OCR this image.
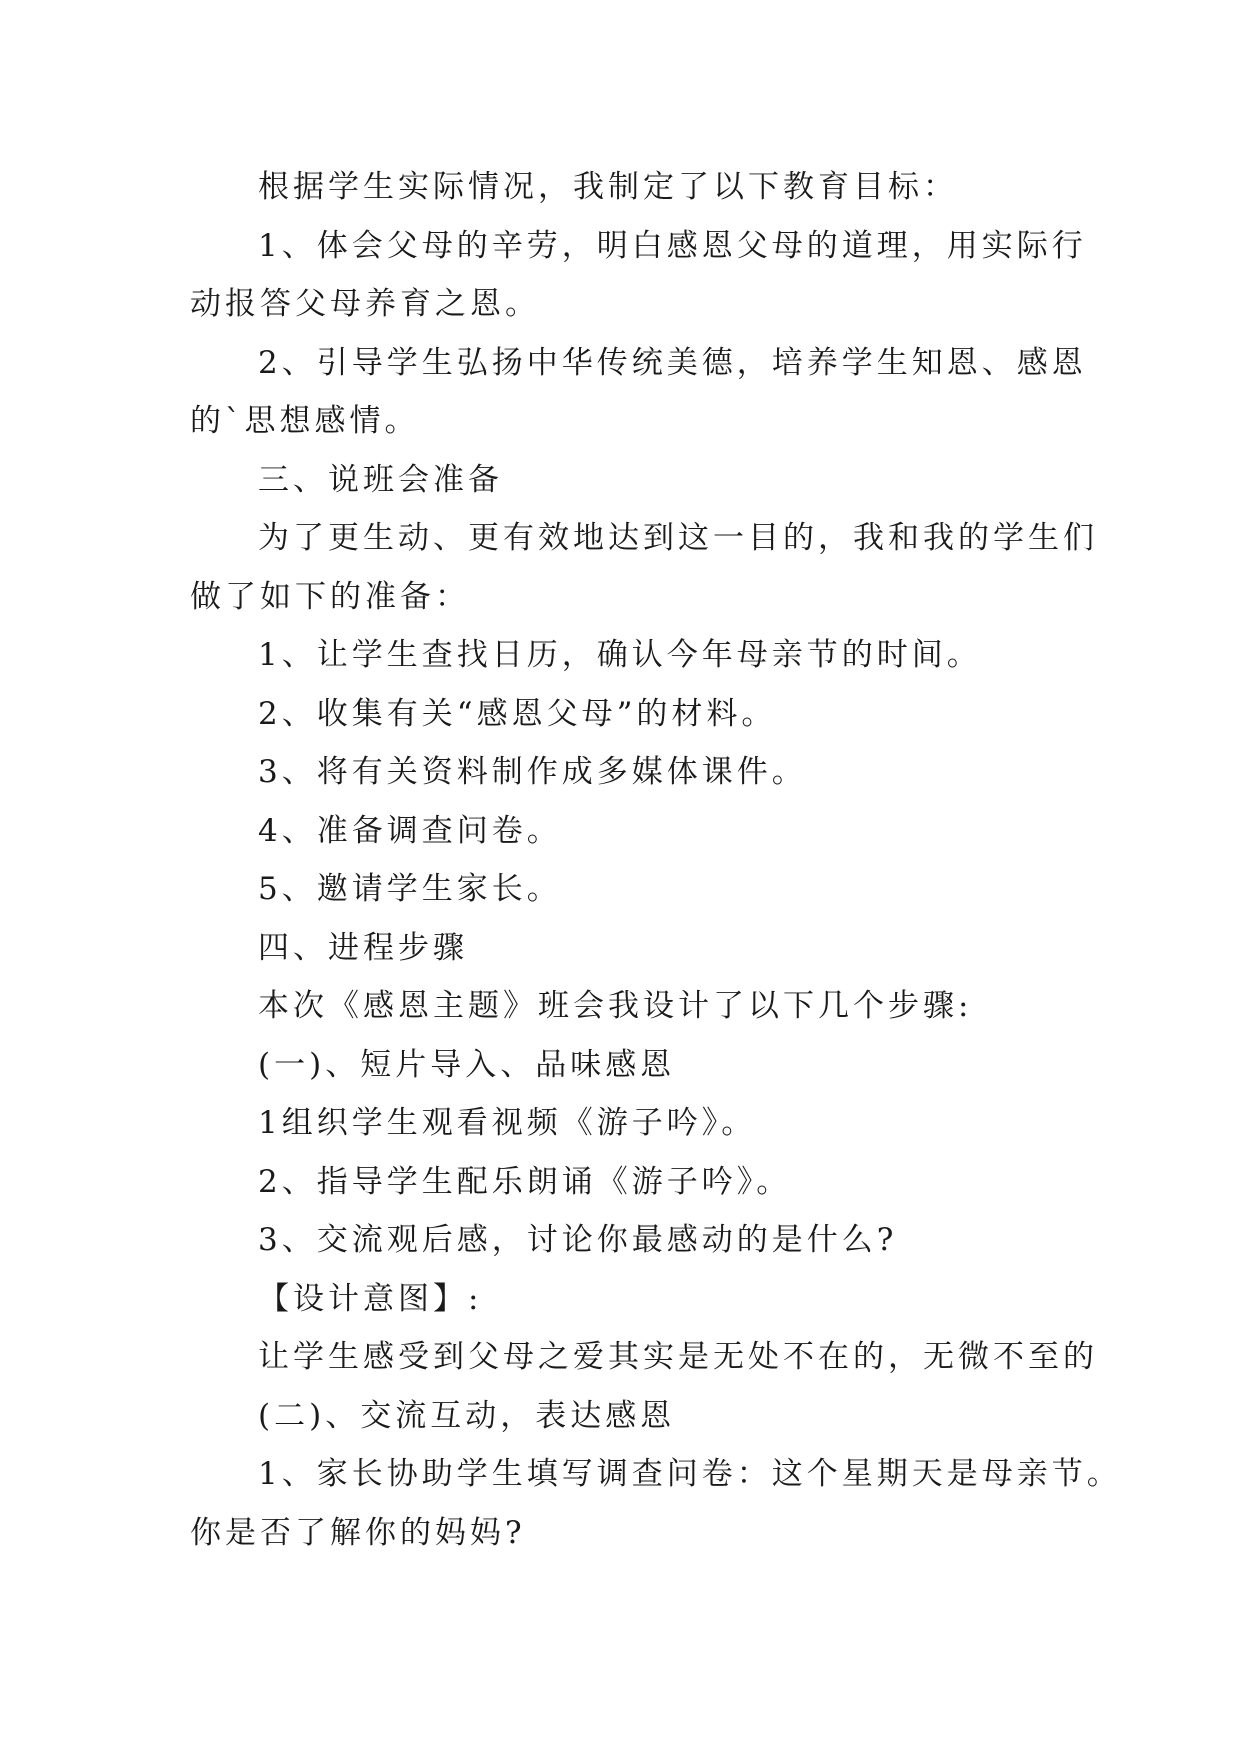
根据学生实际情况，我制定了以下教育目标：

1、体会父母的辛劳，明白感恩父母的道理，用实际行

动报答父母养育之恩。

2、引导学生弘扬中华传统美德，培养学生知恩、感恩

的`思想感情。

三、说班会准备

为了更生动、更有效地达到这一目的，我和我的学生们

做了如下的准备：

1、让学生查找日历，确认今年母亲节的时间。

2、收集有关“感恩父母”的材料。

3、将有关资料制作成多媒体课件。

4、准备调查问卷。

5、邀请学生家长。

四、进程步骤

本次《感恩主题》班会我设计了以下几个步骤:

(一)、短片导入、品味感恩

1组织学生观看视频《游子吟》。

2、指导学生配乐朗诵《游子吟》。

3、交流观后感，讨论你最感动的是什么?

【设计意图】:

让学生感受到父母之爱其实是无处不在的，无微不至的

(二)、交流互动，表达感恩

1、家长协助学生填写调查问卷：这个星期天是母亲节。

你是否了解你的妈妈?
